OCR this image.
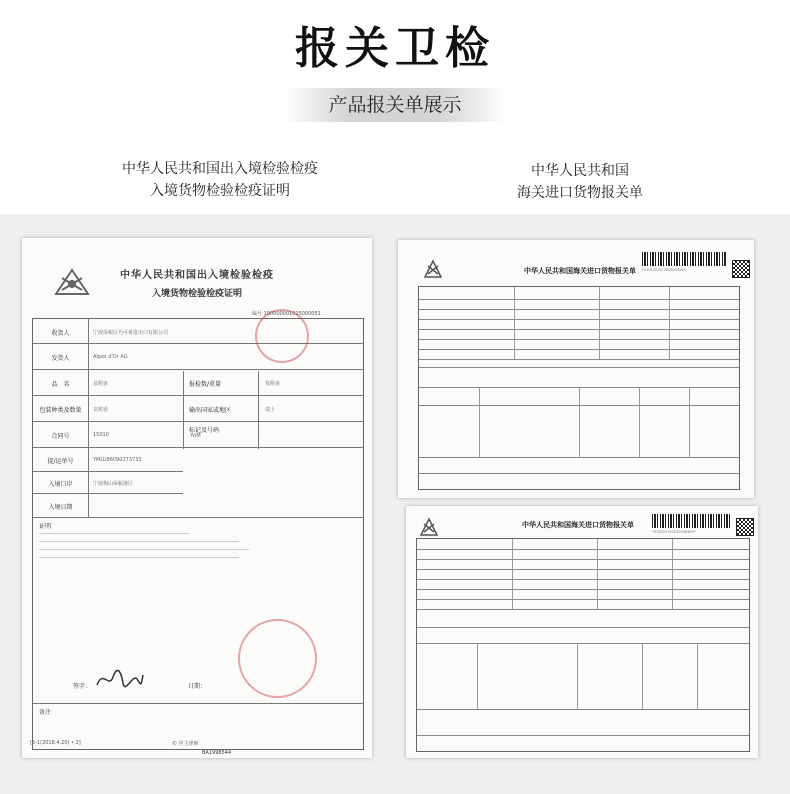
报关卫检
产品报关单展示
中华人民共和国出入境检验检疫
入境货物检验检疫证明
中华人民共和国
海关进口货物报关单
中华人民共和国出入境检验检疫
入境货物检验检疫证明
编号 190000001015000051
收货人	宁波保税区巧可黄进出口有限公司
发货人	Alpes d'Or AG
品　名	泉附壶	报检数/重量	泉附壶
包装种类及数量	泉附壶	输出国家或地区	瑞士
合同号	15010
标记及号码
N/M
提/运单号	YMLU86090273733
入境口岸	宁波梅山保税港区
入境日期
证明
签字：	日期：
备注
[5-1(2018.4.20) • 2]	© 世主律师
BA1998544
中华人民共和国海关进口货物报关单 *310520191050825992*
中华人民共和国海关进口货物报关单
*310520191050998485*
